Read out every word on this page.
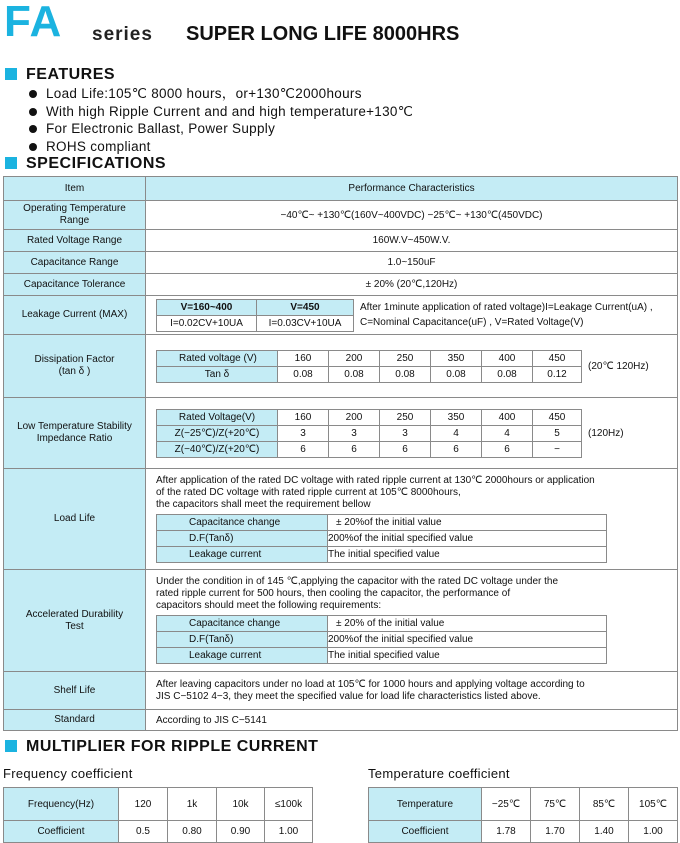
FA series SUPER LONG LIFE 8000HRS
FEATURES
Load Life:105℃ 8000 hours，or+130℃2000hours
With high Ripple Current and and high temperature+130℃
For Electronic Ballast, Power Supply
ROHS compliant
SPECIFICATIONS
Item	Performance Characteristics
Operating Temperature Range	−40℃~ +130℃(160V~400VDC) −25℃~ +130℃(450VDC)
Rated Voltage Range	160W.V~450W.V.
Capacitance Range	1.0~150uF
Capacitance Tolerance	± 20% (20℃,120Hz)
Leakage Current (MAX)	
V=160~400	V=450
I=0.02CV+10UA	I=0.03CV+10UA
After 1minute application of rated voltage)I=Leakage Current(uA) ,
C=Nominal Capacitance(uF) , V=Rated Voltage(V)

Dissipation Factor (tan δ )

Rated voltage (V)	160	200	250	350	400	450
Tan δ	0.08	0.08	0.08	0.08	0.08	0.12
(20℃ 120Hz)

Low Temperature Stability Impedance Ratio	
Rated Voltage(V)	160	200	250	350	400	450
Z(−25℃)/Z(+20℃)	3	3	3	4	4	5
Z(−40℃)/Z(+20℃)	6	6	6	6	6	−
(120Hz)

Load Life	
After application of the rated DC voltage with rated ripple current at 130℃ 2000hours or application
of the rated DC voltage with rated ripple current at 105℃ 8000hours,
the capacitors shall meet the requirement bellow
Capacitance change	± 20%of the initial value
D.F(Tanδ)	200%of the initial specified value
Leakage current	The initial specified value

Accelerated Durability Test

Under the condition in of 145 ℃,applying the capacitor with the rated DC voltage under the
rated ripple current for 500 hours, then cooling the capacitor, the performance of
capacitors should meet the following requirements:
Capacitance change	± 20% of the initial value
D.F(Tanδ)	200%of the initial specified value
Leakage current	The initial specified value

Shelf Life	
After leaving capacitors under no load at 105℃ for 1000 hours and applying voltage according to
JIS C−5102 4−3, they meet the specified value for load life characteristics listed above.

Standard	According to JIS C−5141
MULTIPLIER FOR RIPPLE CURRENT
Frequency coefficient	Temperature coefficient
Frequency(Hz)	120	1k	10k	≤100k
Coefficient	0.5	0.80	0.90	1.00
Temperature	−25℃	75℃	85℃	105℃
Coefficient	1.78	1.70	1.40	1.00
